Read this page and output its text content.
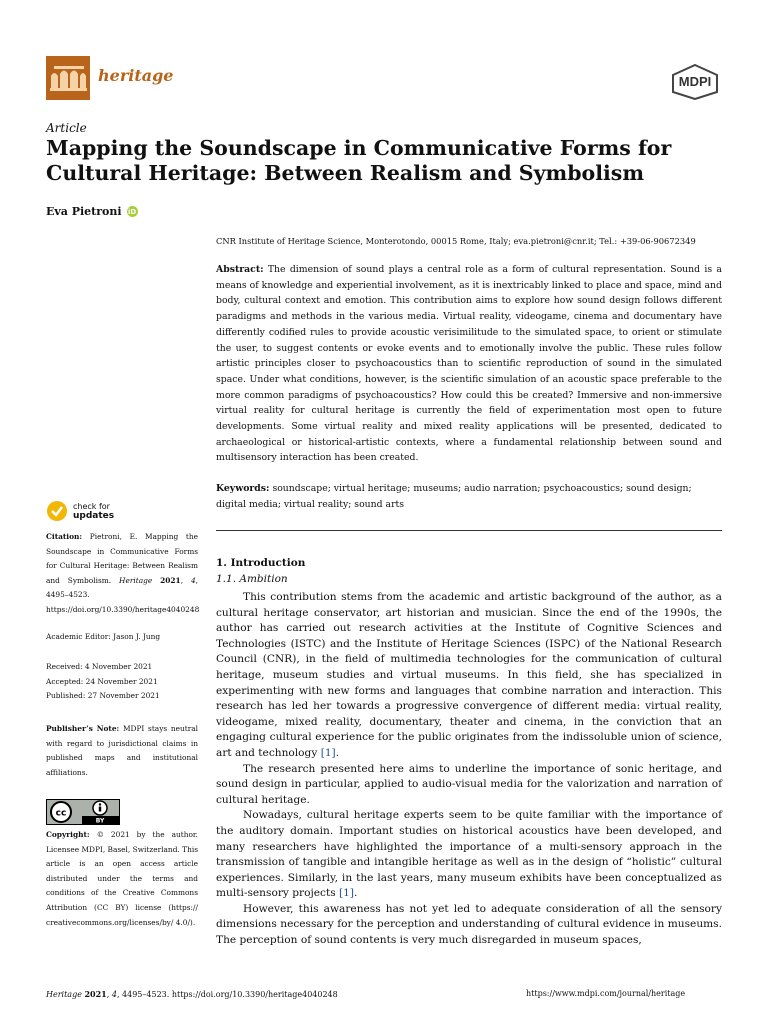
heritage	MDPI
Article
Mapping the Soundscape in Communicative Forms for Cultural Heritage: Between Realism and Symbolism
Eva Pietroni iD
CNR Institute of Heritage Science, Monterotondo, 00015 Rome, Italy; eva.pietroni@cnr.it; Tel.: +39-06-90672349
Abstract: The dimension of sound plays a central role as a form of cultural representation. Sound is a means of knowledge and experiential involvement, as it is inextricably linked to place and space, mind and body, cultural context and emotion. This contribution aims to explore how sound design follows different paradigms and methods in the various media. Virtual reality, videogame, cinema and documentary have differently codified rules to provide acoustic verisimilitude to the simulated space, to orient or stimulate the user, to suggest contents or evoke events and to emotionally involve the public. These rules follow artistic principles closer to psychoacoustics than to scientific reproduction of sound in the simulated space. Under what conditions, however, is the scientific simulation of an acoustic space preferable to the more common paradigms of psychoacoustics? How could this be created? Immersive and non-immersive virtual reality for cultural heritage is currently the field of experimentation most open to future developments. Some virtual reality and mixed reality applications will be presented, dedicated to archaeological or historical-artistic contexts, where a fundamental relationship between sound and multisensory interaction has been created.
Keywords: soundscape; virtual heritage; museums; audio narration; psychoacoustics; sound design; digital media; virtual reality; sound arts
check for
updates
Citation: Pietroni, E. Mapping the Soundscape in Communicative Forms for Cultural Heritage: Between Realism and Symbolism. Heritage 2021, 4, 4495–4523. https://doi.org/10.3390/heritage4040248
Academic Editor: Jason J. Jung
Received: 4 November 2021
Accepted: 24 November 2021
Published: 27 November 2021
Publisher’s Note: MDPI stays neutral with regard to jurisdictional claims in published maps and institutional affiliations.
cc
BY
Copyright: © 2021 by the author. Licensee MDPI, Basel, Switzerland. This article is an open access article distributed under the terms and conditions of the Creative Commons Attribution (CC BY) license (https:// creativecommons.org/licenses/by/ 4.0/).
1. Introduction
1.1. Ambition

This contribution stems from the academic and artistic background of the author, as a cultural heritage conservator, art historian and musician. Since the end of the 1990s, the author has carried out research activities at the Institute of Cognitive Sciences and Technologies (ISTC) and the Institute of Heritage Sciences (ISPC) of the National Research Council (CNR), in the field of multimedia technologies for the communication of cultural heritage, museum studies and virtual museums. In this field, she has specialized in experimenting with new forms and languages that combine narration and interaction. This research has led her towards a progressive convergence of different media: virtual reality, videogame, mixed reality, documentary, theater and cinema, in the conviction that an engaging cultural experience for the public originates from the indissoluble union of science, art and technology [1].

The research presented here aims to underline the importance of sonic heritage, and sound design in particular, applied to audio-visual media for the valorization and narration of cultural heritage.

Nowadays, cultural heritage experts seem to be quite familiar with the importance of the auditory domain. Important studies on historical acoustics have been developed, and many researchers have highlighted the importance of a multi-sensory approach in the transmission of tangible and intangible heritage as well as in the design of “holistic” cultural experiences. Similarly, in the last years, many museum exhibits have been conceptualized as multi-sensory projects [1].

However, this awareness has not yet led to adequate consideration of all the sensory dimensions necessary for the perception and understanding of cultural evidence in museums. The perception of sound contents is very much disregarded in museum spaces,

Heritage 2021, 4, 4495–4523. https://doi.org/10.3390/heritage4040248	https://www.mdpi.com/journal/heritage
